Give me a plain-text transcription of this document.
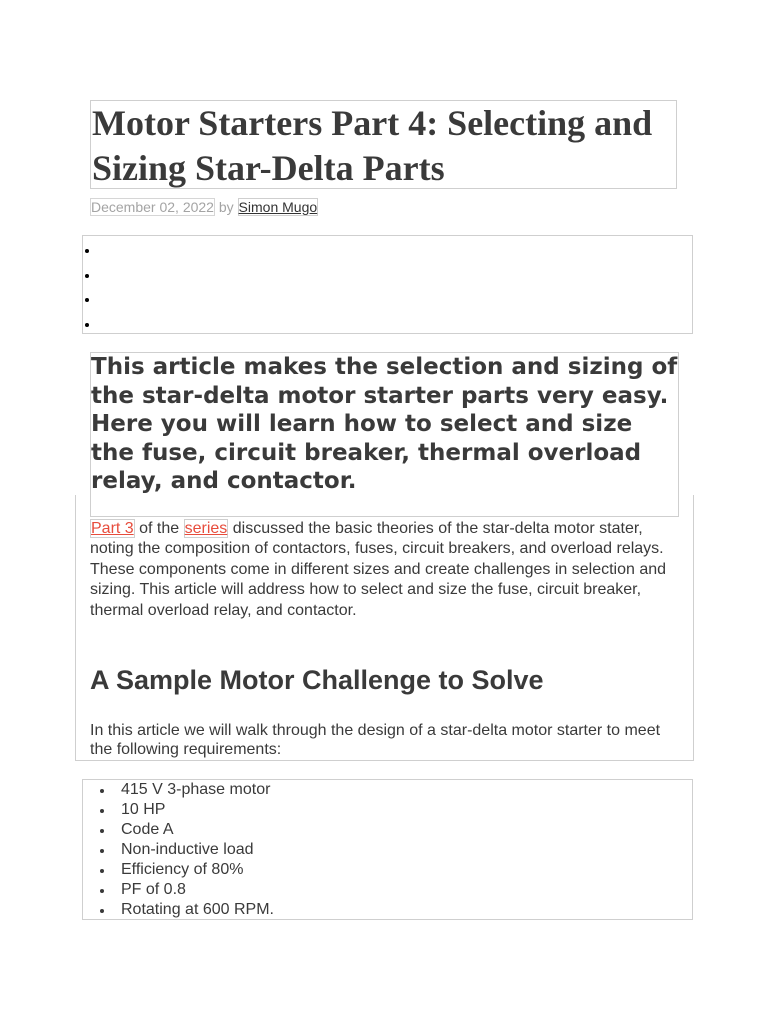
Motor Starters Part 4: Selecting and Sizing Star-Delta Parts
December 02, 2022 by Simon Mugo

This article makes the selection and sizing of the star-delta motor starter parts very easy. Here you will learn how to select and size the fuse, circuit breaker, thermal overload relay, and contactor.

Part 3 of the series discussed the basic theories of the star-delta motor stater, noting the composition of contactors, fuses, circuit breakers, and overload relays. These components come in different sizes and create challenges in selection and sizing. This article will address how to select and size the fuse, circuit breaker, thermal overload relay, and contactor.

A Sample Motor Challenge to Solve

In this article we will walk through the design of a star-delta motor starter to meet the following requirements:

415 V 3-phase motor
10 HP
Code A
Non-inductive load
Efficiency of 80%
PF of 0.8
Rotating at 600 RPM.
